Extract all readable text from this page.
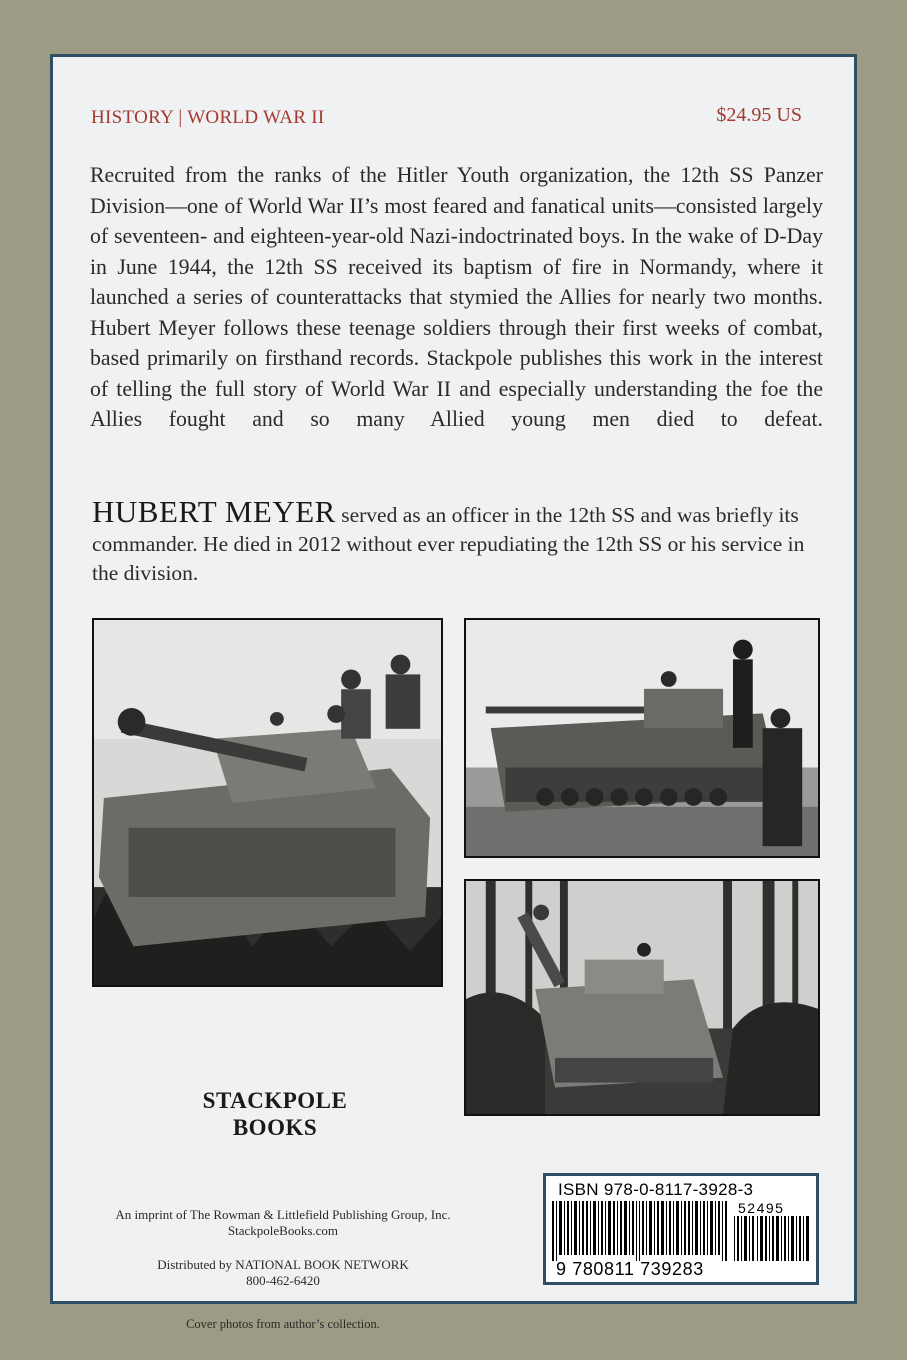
HISTORY | WORLD WAR II	$24.95 US

Recruited from the ranks of the Hitler Youth organization, the 12th SS Panzer Division—one of World War II’s most feared and fanatical units—consisted largely of seventeen- and eighteen-year-old Nazi-indoctrinated boys. In the wake of D-Day in June 1944, the 12th SS received its baptism of fire in Normandy, where it launched a series of counterattacks that stymied the Allies for nearly two months. Hubert Meyer follows these teenage soldiers through their first weeks of combat, based primarily on firsthand records. Stackpole publishes this work in the interest of telling the full story of World War II and especially understanding the foe the Allies fought and so many Allied young men died to defeat.

HUBERT MEYER served as an officer in the 12th SS and was briefly its commander. He died in 2012 without ever repudiating the 12th SS or his service in the division.
STACKPOLE
BOOKS
An imprint of The Rowman & Littlefield Publishing Group, Inc.
StackpoleBooks.com
Distributed by NATIONAL BOOK NETWORK
800-462-6420
Cover photos from author’s collection.
ISBN 978-0-8117-3928-3
52495
9 780811 739283
